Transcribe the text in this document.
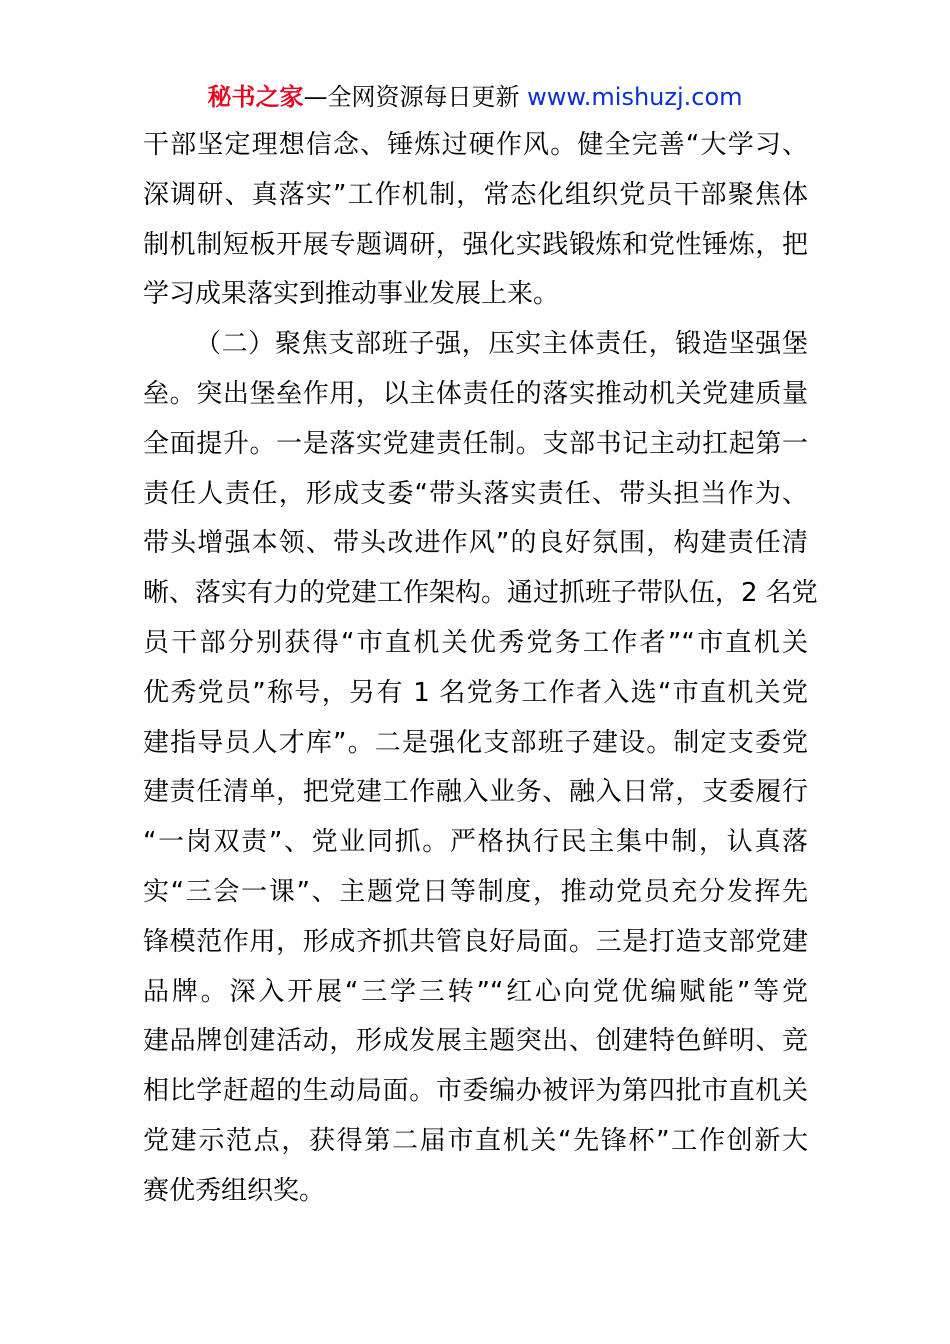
秘书之家—全网资源每日更新 www.mishuzj.com
干部坚定理想信念、锤炼过硬作风。健全完善“大学习、
深调研、真落实”工作机制，常态化组织党员干部聚焦体
制机制短板开展专题调研，强化实践锻炼和党性锤炼，把
学习成果落实到推动事业发展上来。
（二）聚焦支部班子强，压实主体责任，锻造坚强堡
垒。突出堡垒作用，以主体责任的落实推动机关党建质量
全面提升。一是落实党建责任制。支部书记主动扛起第一
责任人责任，形成支委“带头落实责任、带头担当作为、
带头增强本领、带头改进作风”的良好氛围，构建责任清
晰、落实有力的党建工作架构。通过抓班子带队伍，2 名党
员干部分别获得“市直机关优秀党务工作者”“市直机关
优秀党员”称号，另有 1 名党务工作者入选“市直机关党
建指导员人才库”。二是强化支部班子建设。制定支委党
建责任清单，把党建工作融入业务、融入日常，支委履行
“一岗双责”、党业同抓。严格执行民主集中制，认真落
实“三会一课”、主题党日等制度，推动党员充分发挥先
锋模范作用，形成齐抓共管良好局面。三是打造支部党建
品牌。深入开展“三学三转”“红心向党优编赋能”等党
建品牌创建活动，形成发展主题突出、创建特色鲜明、竞
相比学赶超的生动局面。市委编办被评为第四批市直机关
党建示范点，获得第二届市直机关“先锋杯”工作创新大
赛优秀组织奖。
